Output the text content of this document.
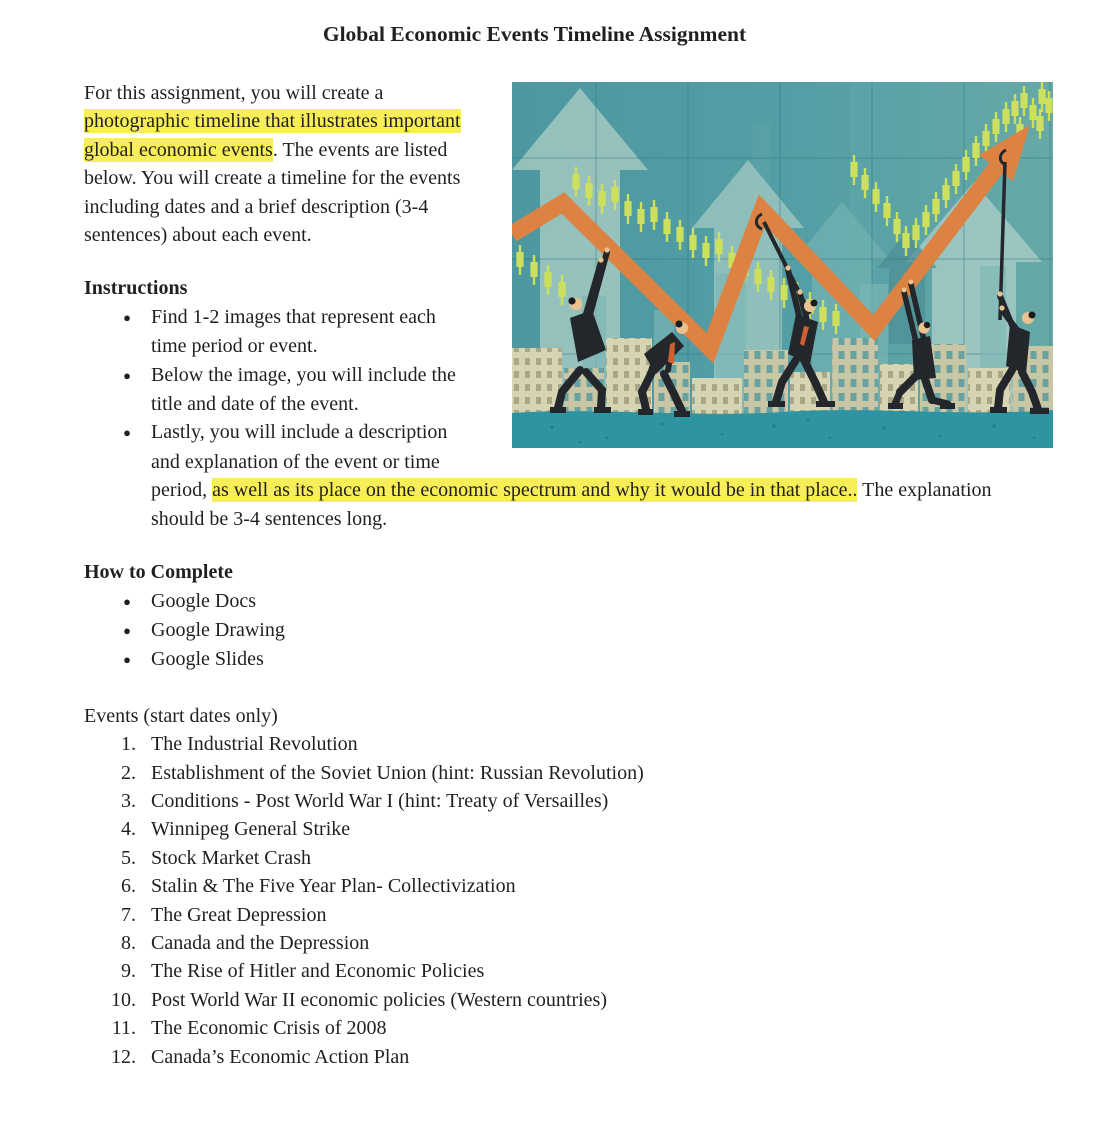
Global Economic Events Timeline Assignment

For this assignment, you will create a photographic timeline that illustrates important global economic events. The events are listed below. You will create a timeline for the events including dates and a brief description (3-4 sentences) about each event.

Instructions
● Find 1-2 images that represent each time period or event.
● Below the image, you will include the title and date of the event.
● Lastly, you will include a description and explanation of the event or time period, as well as its place on the economic spectrum and why it would be in that place.. The explanation should be 3-4 sentences long.
How to Complete
● Google Docs
● Google Drawing
● Google Slides

Events (start dates only)

The Industrial Revolution
Establishment of the Soviet Union (hint: Russian Revolution)
Conditions - Post World War I (hint: Treaty of Versailles)
Winnipeg General Strike
Stock Market Crash
Stalin & The Five Year Plan- Collectivization
The Great Depression
Canada and the Depression
The Rise of Hitler and Economic Policies
Post World War II economic policies (Western countries)
The Economic Crisis of 2008
Canada’s Economic Action Plan
